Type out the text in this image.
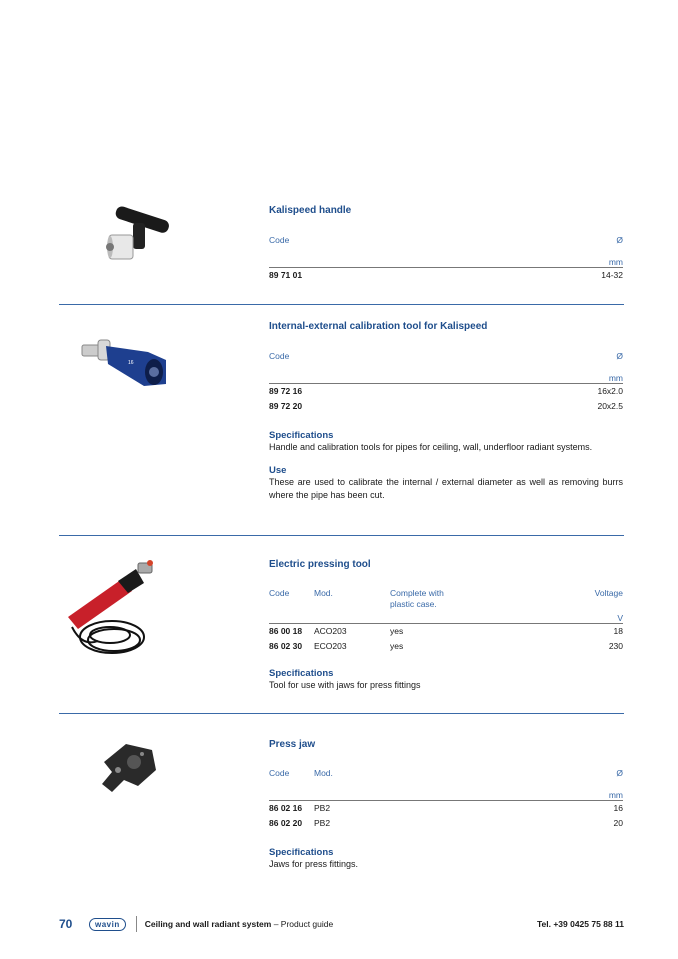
Kalispeed handle

Code	Ø
mm
89 71 01	14-32
16

Internal-external calibration tool for Kalispeed

Code	Ø
mm
89 72 16	16x2.0
89 72 20	20x2.5

Specifications

Handle and calibration tools for pipes for ceiling, wall, underfloor radiant systems.

Use

These are used to calibrate the internal / external diameter as well as removing burrs where the pipe has been cut.

Electric pressing tool

Code	Mod.	Complete with plastic case.
Voltage
V
86 00 18	ACO203	yes	18
86 02 30	ECO203	yes	230

Specifications

Tool for use with jaws for press fittings

Press jaw

Code	Mod.	Ø
mm
86 02 16	PB2	16
86 02 20	PB2	20

Specifications

Jaws for press fittings.

70	wavin	Ceiling and wall radiant system – Product guide	Tel. +39 0425 75 88 11
